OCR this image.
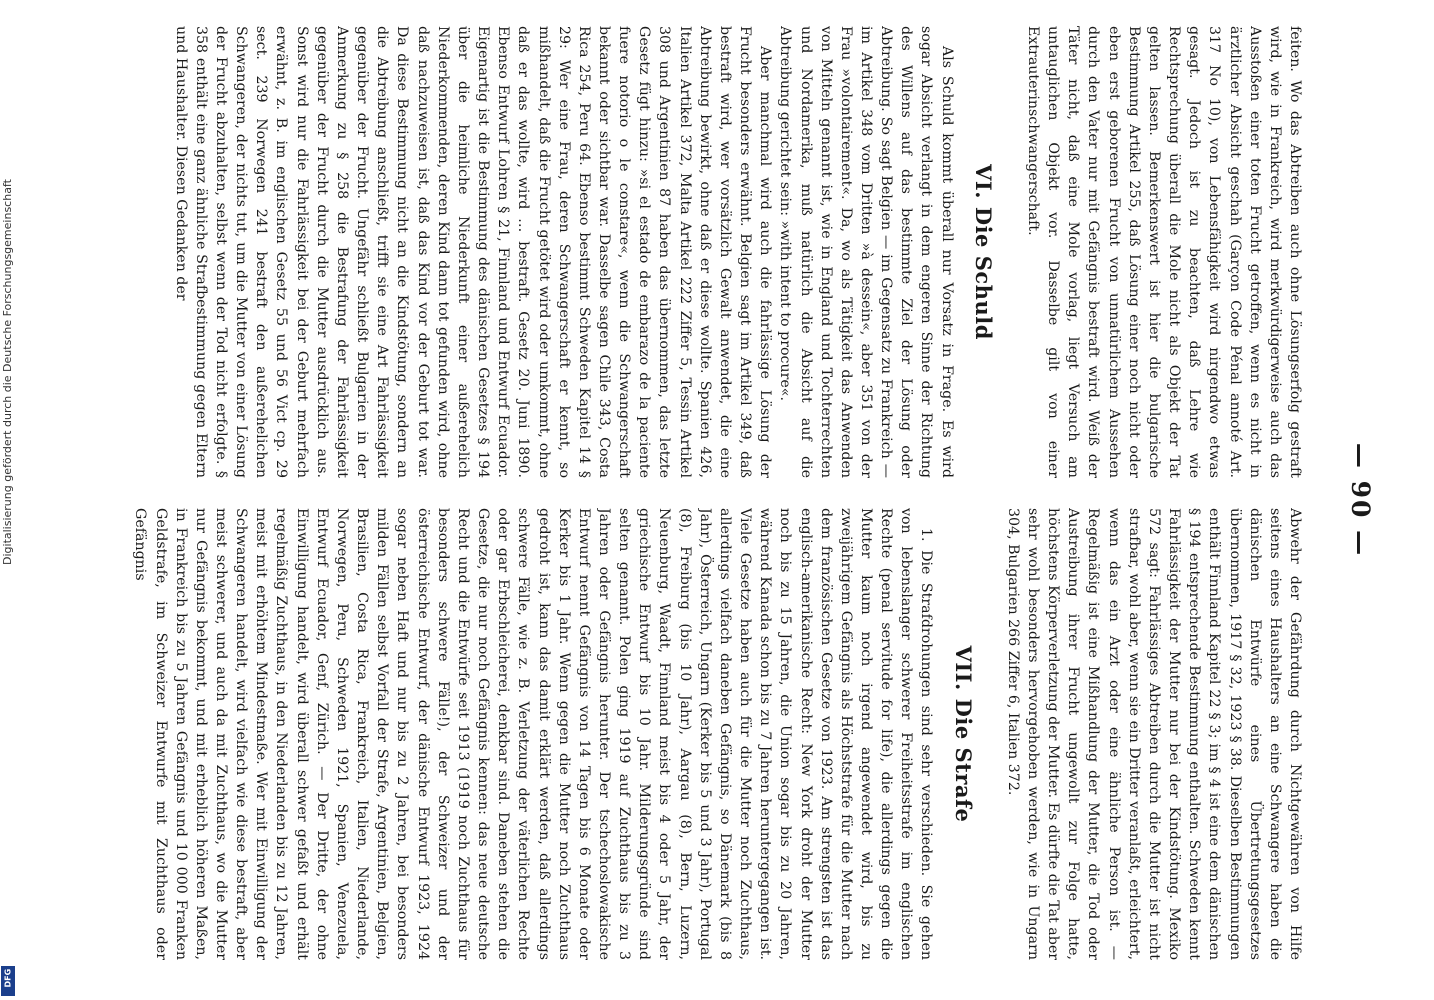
— 90 —

feiten. Wo das Abtreiben auch ohne Lösungserfolg gestraft wird, wie in Frankreich, wird merkwürdigerweise auch das Ausstoßen einer toten Frucht getroffen, wenn es nicht in ärztlicher Absicht geschah (Garçon Code Pénal annoté Art. 317 No 10), von Lebensfähigkeit wird nirgendwo etwas gesagt. Jedoch ist zu beachten, daß Lehre wie Rechtsprechung überall die Mole nicht als Objekt der Tat gelten lassen. Bemerkenswert ist hier die bulgarische Bestimmung Artikel 255, daß Lösung einer noch nicht oder eben erst geborenen Frucht von unnatürlichem Aussehen durch den Vater nur mit Gefängnis bestraft wird. Weiß der Täter nicht, daß eine Mole vorlag, liegt Versuch am untauglichen Objekt vor. Dasselbe gilt von einer Extrauterinschwangerschaft.

VI. Die Schuld

Als Schuld kommt überall nur Vorsatz in Frage. Es wird sogar Absicht verlangt in dem engeren Sinne der Richtung des Willens auf das bestimmte Ziel der Lösung oder Abtreibung. So sagt Belgien — im Gegensatz zu Frankreich — im Artikel 348 vom Dritten »à dessein«, aber 351 von der Frau »volontairement«. Da, wo als Tätigkeit das Anwenden von Mitteln genannt ist, wie in England und Tochterrechten und Nordamerika, muß natürlich die Absicht auf die Abtreibung gerichtet sein: »with intent to procure«.

Aber manchmal wird auch die fahrlässige Lösung der Frucht besonders erwähnt. Belgien sagt im Artikel 349, daß bestraft wird, wer vorsätzlich Gewalt anwendet, die eine Abtreibung bewirkt, ohne daß er diese wollte. Spanien 426, Italien Artikel 372, Malta Artikel 222 Ziffer 5, Tessin Artikel 308 und Argentinien 87 haben das übernommen, das letzte Gesetz fügt hinzu: »si el estado de embarazo de la paciente fuere notorio o le constare«, wenn die Schwangerschaft bekannt oder sichtbar war. Dasselbe sagen Chile 343, Costa Rica 254, Peru 64. Ebenso bestimmt Schweden Kapitel 14 § 29: Wer eine Frau, deren Schwangerschaft er kennt, so mißhandelt, daß die Frucht getötet wird oder umkommt, ohne daß er das wollte, wird … bestraft. Gesetz 20. Juni 1890. Ebenso Entwurf Lohren § 21, Finnland und Entwurf Ecuador. Eigenartig ist die Bestimmung des dänischen Gesetzes § 194 über die heimliche Niederkunft einer außerehelich Niederkommenden, deren Kind dann tot gefunden wird, ohne daß nachzuweisen ist, daß das Kind vor der Geburt tot war. Da diese Bestimmung nicht an die Kindstötung, sondern an die Abtreibung anschließt, trifft sie eine Art Fahrlässigkeit gegenüber der Frucht. Ungefähr schließt Bulgarien in der Anmerkung zu § 258 die Bestrafung der Fahrlässigkeit gegenüber der Frucht durch die Mutter ausdrücklich aus. Sonst wird nur die Fahrlässigkeit bei der Geburt mehrfach erwähnt, z. B. im englischen Gesetz 55 und 56 Vict cp. 29 sect. 239 Norwegen 241 bestraft den außerehelichen Schwangeren, der nichts tut, um die Mutter von einer Lösung der Frucht abzuhalten, selbst wenn der Tod nicht erfolgte. § 358 enthält eine ganz ähnliche Strafbestimmung gegen Eltern und Haushalter. Diesen Gedanken der

Abwehr der Gefährdung durch Nichtgewähren von Hilfe seitens eines Haushalters an eine Schwangere haben die dänischen Entwürfe eines Übertretungsgesetzes übernommen, 1917 § 32, 1923 § 38. Dieselben Bestimmungen enthält Finnland Kapitel 22 § 3; im § 4 ist eine dem dänischen § 194 entsprechende Bestimmung enthalten. Schweden kennt Fahrlässigkeit der Mutter nur bei der Kindstötung. Mexiko 572 sagt: Fahrlässiges Abtreiben durch die Mutter ist nicht strafbar, wohl aber, wenn sie ein Dritter veranlaßt, erleichtert, wenn das ein Arzt oder eine ähnliche Person ist. — Regelmäßig ist eine Mißhandlung der Mutter, die Tod oder Austreibung ihrer Frucht ungewollt zur Folge hatte, höchstens Körperverletzung der Mutter. Es dürfte die Tat aber sehr wohl besonders hervorgehoben werden, wie in Ungarn 304, Bulgarien 266 Ziffer 6, Italien 372.

VII. Die Strafe

1. Die Strafdrohungen sind sehr verschieden. Sie gehen von lebenslanger schwerer Freiheitsstrafe im englischen Rechte (penal servitude for life), die allerdings gegen die Mutter kaum noch irgend angewendet wird, bis zu zweijährigem Gefängnis als Höchststrafe für die Mutter nach dem französischen Gesetze von 1923. Am strengsten ist das englisch-amerikanische Recht: New York droht der Mutter noch bis zu 15 Jahren, die Union sogar bis zu 20 Jahren, während Kanada schon bis zu 7 Jahren heruntergegangen ist. Viele Gesetze haben auch für die Mutter noch Zuchthaus, allerdings vielfach daneben Gefängnis, so Dänemark (bis 8 Jahr), Österreich, Ungarn (Kerker bis 5 und 3 Jahr), Portugal (8), Freiburg (bis 10 Jahr), Aargau (8), Bern, Luzern, Neuenburg, Waadt, Finnland meist bis 4 oder 5 Jahr, der griechische Entwurf bis 10 Jahr. Milderungsgründe sind selten genannt. Polen ging 1919 auf Zuchthaus bis zu 3 Jahren oder Gefängnis herunter. Der tschechoslowakische Entwurf nennt Gefängnis von 14 Tagen bis 6 Monate oder Kerker bis 1 Jahr. Wenn gegen die Mutter noch Zuchthaus gedroht ist, kann das damit erklärt werden, daß allerdings schwere Fälle, wie z. B. Verletzung der väterlichen Rechte oder gar Erbschleicherei, denkbar sind. Daneben stehen die Gesetze, die nur noch Gefängnis kennen: das neue deutsche Recht und die Entwürfe seit 1913 (1919 noch Zuchthaus für besonders schwere Fälle!), der Schweizer und der österreichische Entwurf, der dänische Entwurf 1923, 1924 sogar neben Haft und nur bis zu 2 Jahren, bei besonders milden Fällen selbst Vorfall der Strafe, Argentinien, Belgien, Brasilien, Costa Rica, Frankreich, Italien, Niederlande, Norwegen, Peru, Schweden 1921, Spanien, Venezuela, Entwurf Ecuador, Genf, Zürich. — Der Dritte, der ohne Einwilligung handelt, wird überall schwer gefaßt und erhält regelmäßig Zuchthaus, in den Niederlanden bis zu 12 Jahren, meist mit erhöhtem Mindestmaße. Wer mit Einwilligung der Schwangeren handelt, wird vielfach wie diese bestraft, aber meist schwerer, und auch da mit Zuchthaus, wo die Mutter nur Gefängnis bekommt, und mit erheblich höheren Maßen, in Frankreich bis zu 5 Jahren Gefängnis und 10 000 Franken Geldstrafe, im Schweizer Entwurfe mit Zuchthaus oder Gefängnis

Digitalisierung gefördert durch die Deutsche Forschungsgemeinschaft
DFG
